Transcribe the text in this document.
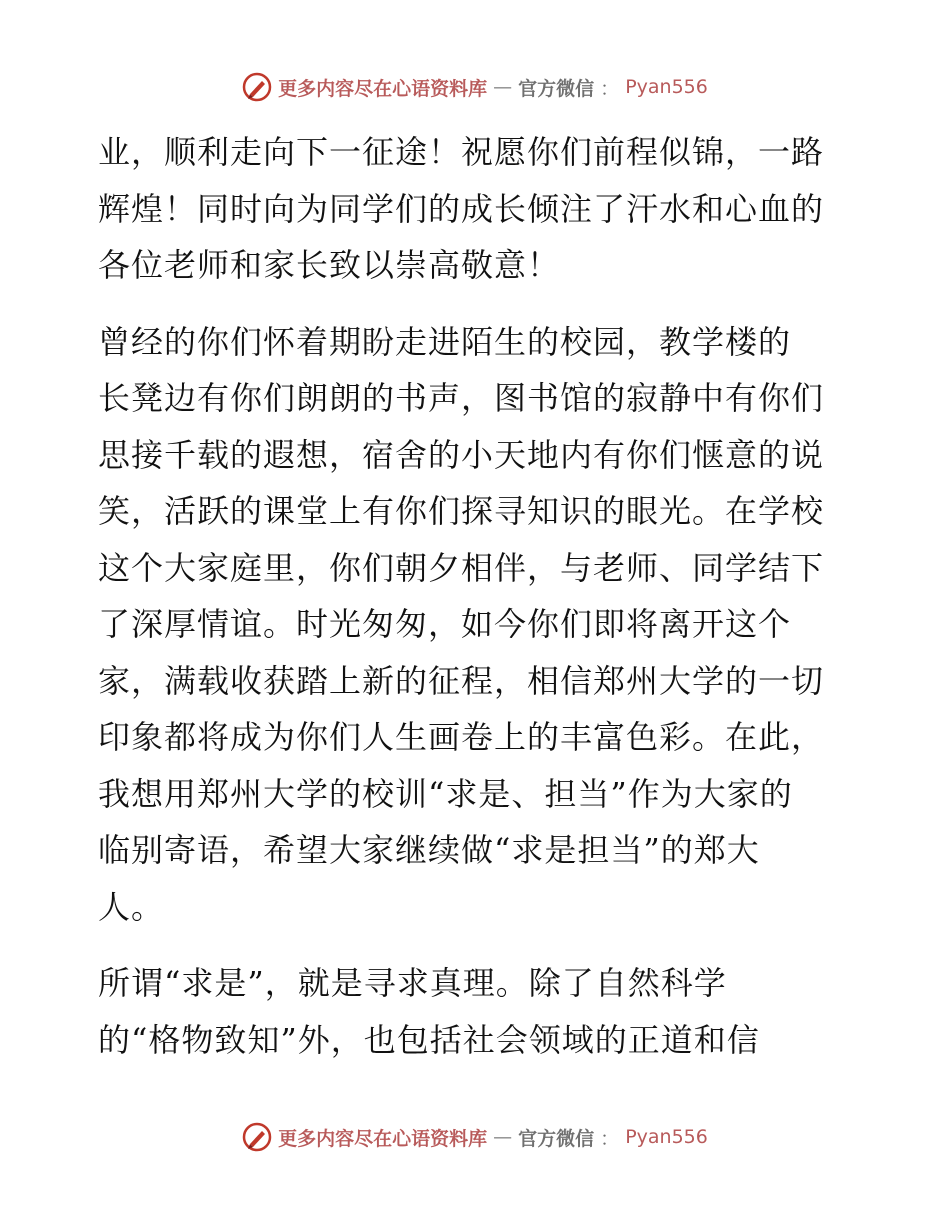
更多内容尽在心语资料库 — 官方微信 ： Pyan556

业，顺利走向下一征途！祝愿你们前程似锦，一路
辉煌！同时向为同学们的成长倾注了汗水和心血的
各位老师和家长致以崇高敬意！

曾经的你们怀着期盼走进陌生的校园，教学楼的
长凳边有你们朗朗的书声，图书馆的寂静中有你们
思接千载的遐想，宿舍的小天地内有你们惬意的说
笑，活跃的课堂上有你们探寻知识的眼光。在学校
这个大家庭里，你们朝夕相伴，与老师、同学结下
了深厚情谊。时光匆匆，如今你们即将离开这个
家，满载收获踏上新的征程，相信郑州大学的一切
印象都将成为你们人生画卷上的丰富色彩。在此，
我想用郑州大学的校训“求是、担当”作为大家的
临别寄语，希望大家继续做“求是担当”的郑大
人。

所谓“求是”，就是寻求真理。除了自然科学
的“格物致知”外，也包括社会领域的正道和信

更多内容尽在心语资料库 — 官方微信 ： Pyan556
